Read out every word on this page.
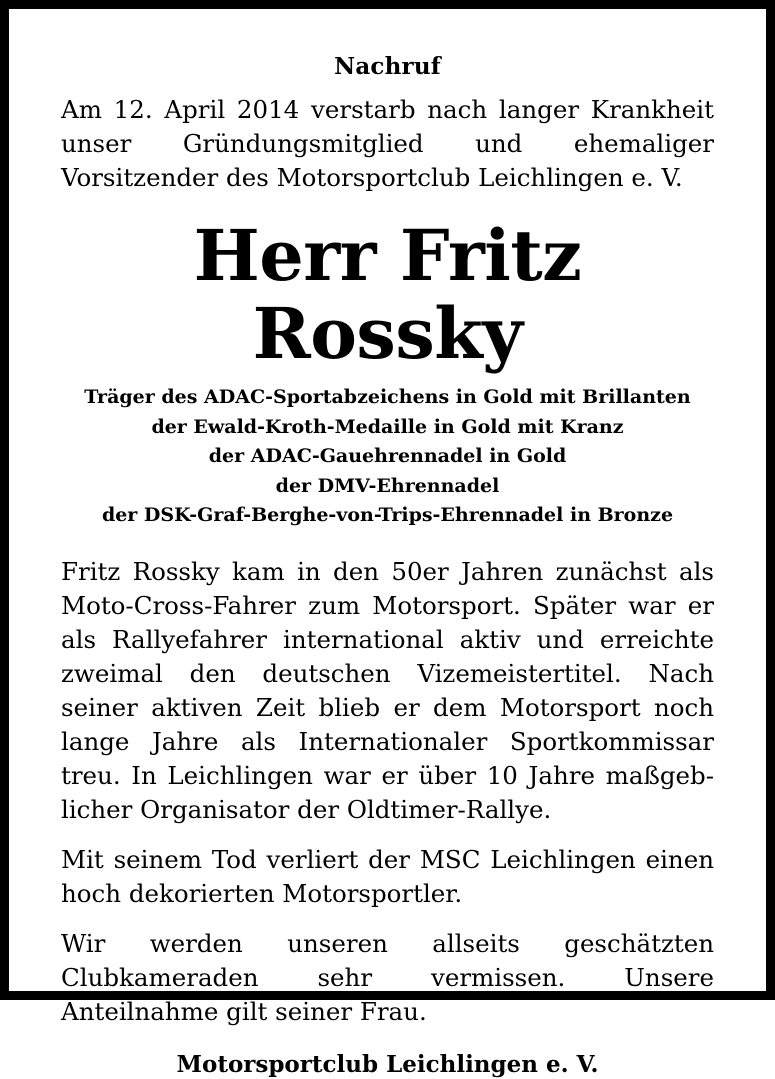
Nachruf

Am 12. April 2014 verstarb nach langer Krankheit unser Gründungsmitglied und ehemaliger Vorsitzender des Motorsportclub Leichlingen e. V.

Herr Fritz Rossky
Träger des ADAC-Sportabzeichens in Gold mit Brillanten
der Ewald-Kroth-Medaille in Gold mit Kranz
der ADAC-Gauehrennadel in Gold
der DMV-Ehrennadel
der DSK-Graf-Berghe-von-Trips-Ehrennadel in Bronze

Fritz Rossky kam in den 50er Jahren zunächst als Moto-Cross-Fahrer zum Motorsport. Später war er als Rallyefahrer international aktiv und erreichte zweimal den deutschen Vizemeistertitel. Nach seiner aktiven Zeit blieb er dem Motorsport noch lange Jahre als Internationaler Sportkommissar treu. In Leichlingen war er über 10 Jahre maßgeblicher Organisator der Oldtimer-Rallye.

Mit seinem Tod verliert der MSC Leichlingen einen hoch dekorierten Motorsportler.

Wir werden unseren allseits geschätzten Clubkameraden sehr vermissen. Unsere Anteilnahme gilt seiner Frau.

Motorsportclub Leichlingen e. V.
